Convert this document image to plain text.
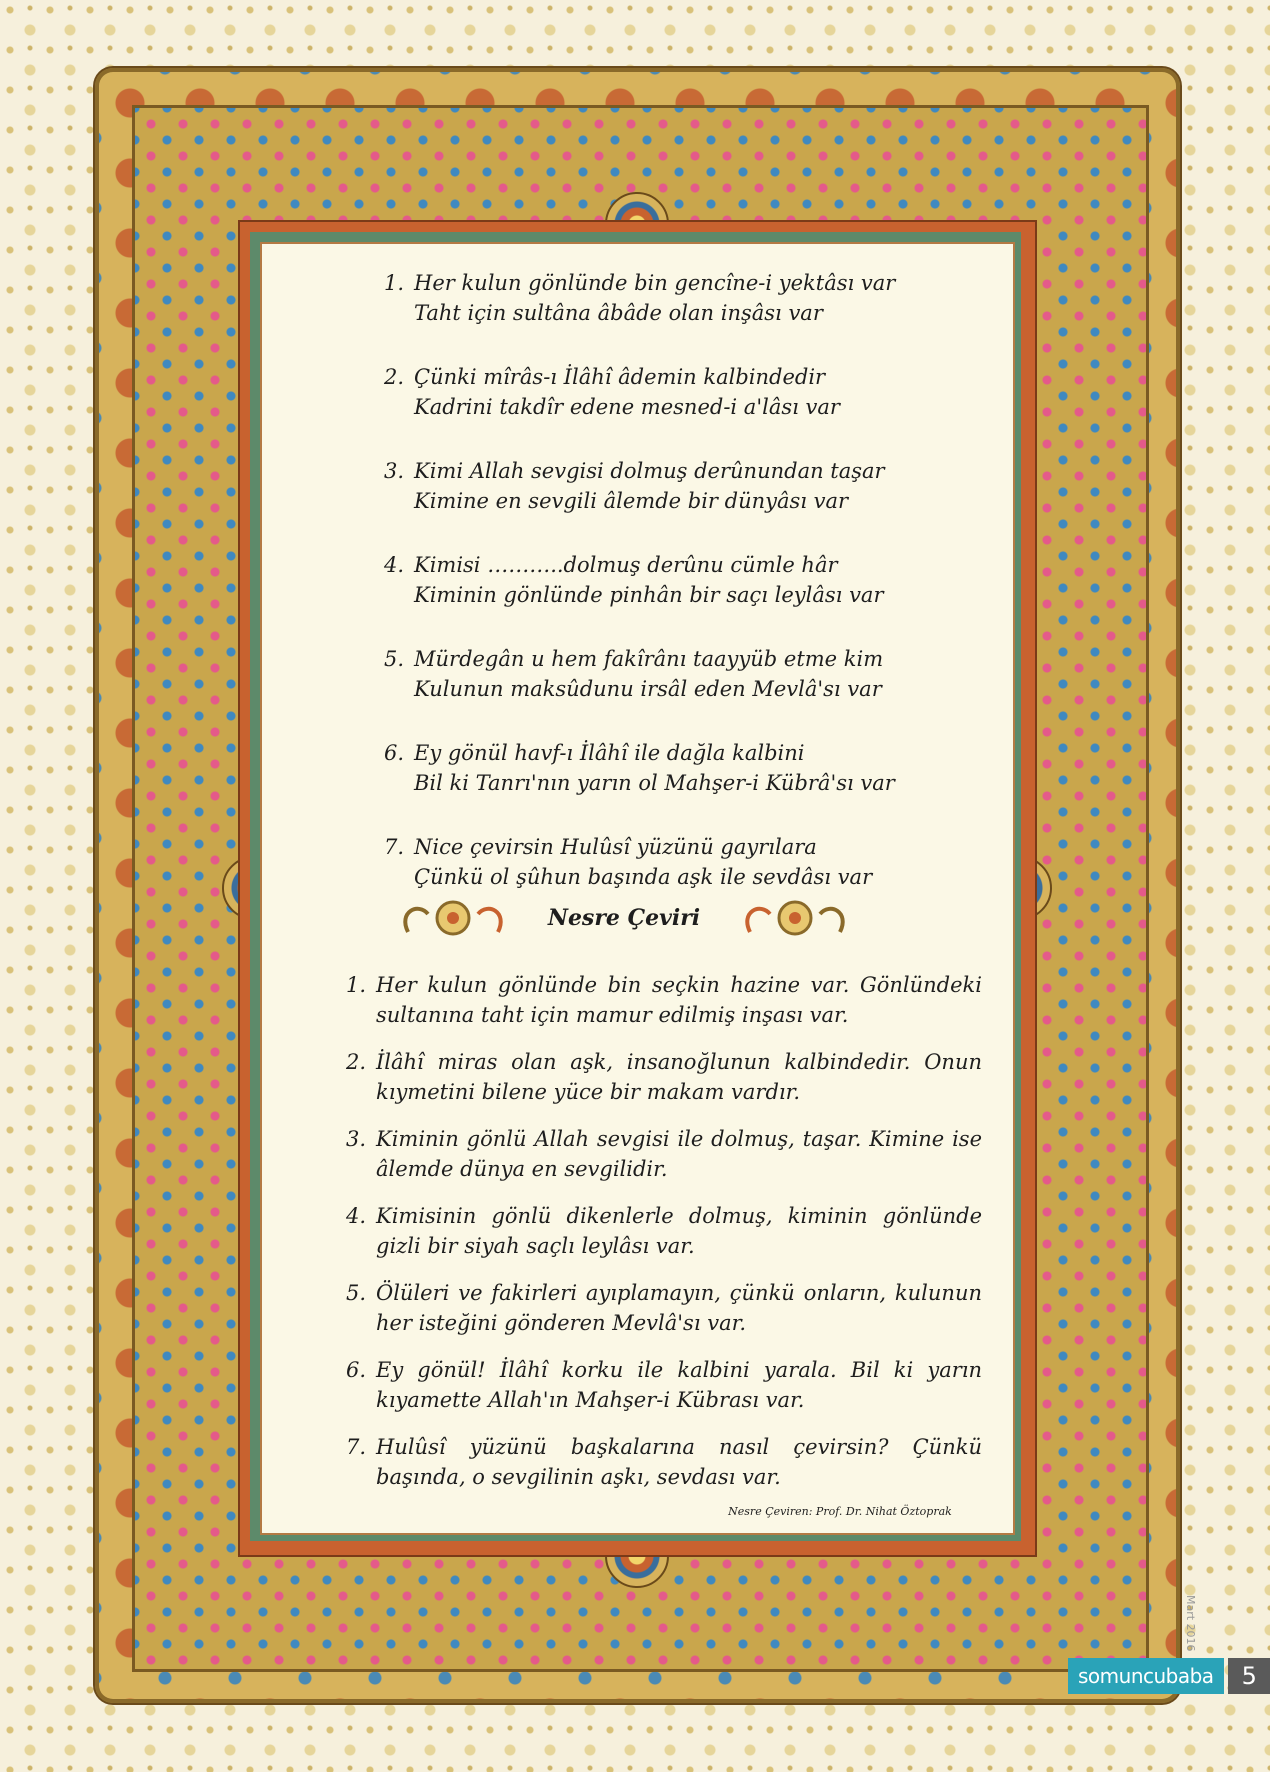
1. Her kulun gönlünde bin gencîne-i yektâsı var
Taht için sultâna âbâde olan inşâsı var
2. Çünki mîrâs-ı İlâhî âdemin kalbindedir
Kadrini takdîr edene mesned-i a'lâsı var
3. Kimi Allah sevgisi dolmuş derûnundan taşar
Kimine en sevgili âlemde bir dünyâsı var
4. Kimisi ………..dolmuş derûnu cümle hâr
Kiminin gönlünde pinhân bir saçı leylâsı var
5. Mürdegân u hem fakîrânı taayyüb etme kim
Kulunun maksûdunu irsâl eden Mevlâ'sı var
6. Ey gönül havf-ı İlâhî ile dağla kalbini
Bil ki Tanrı'nın yarın ol Mahşer-i Kübrâ'sı var
7. Nice çevirsin Hulûsî yüzünü gayrılara
Çünkü ol şûhun başında aşk ile sevdâsı var
Nesre Çeviri
1. Her kulun gönlünde bin seçkin hazine var. Gönlündeki sultanına taht için mamur edilmiş inşası var.
2. İlâhî miras olan aşk, insanoğlunun kalbindedir. Onun kıymetini bilene yüce bir makam vardır.
3. Kiminin gönlü Allah sevgisi ile dolmuş, taşar. Kimine ise âlemde dünya en sevgilidir.
4. Kimisinin gönlü dikenlerle dolmuş, kiminin gönlünde gizli bir siyah saçlı leylâsı var.
5. Ölüleri ve fakirleri ayıplamayın, çünkü onların, kulunun her isteğini gönderen Mevlâ'sı var.
6. Ey gönül! İlâhî korku ile kalbini yarala. Bil ki yarın kıyamette Allah'ın Mahşer-i Kübrası var.
7. Hulûsî yüzünü başkalarına nasıl çevirsin? Çünkü başında, o sevgilinin aşkı, sevdası var.
Nesre Çeviren: Prof. Dr. Nihat Öztoprak
Mart 2016
somuncubaba	5
